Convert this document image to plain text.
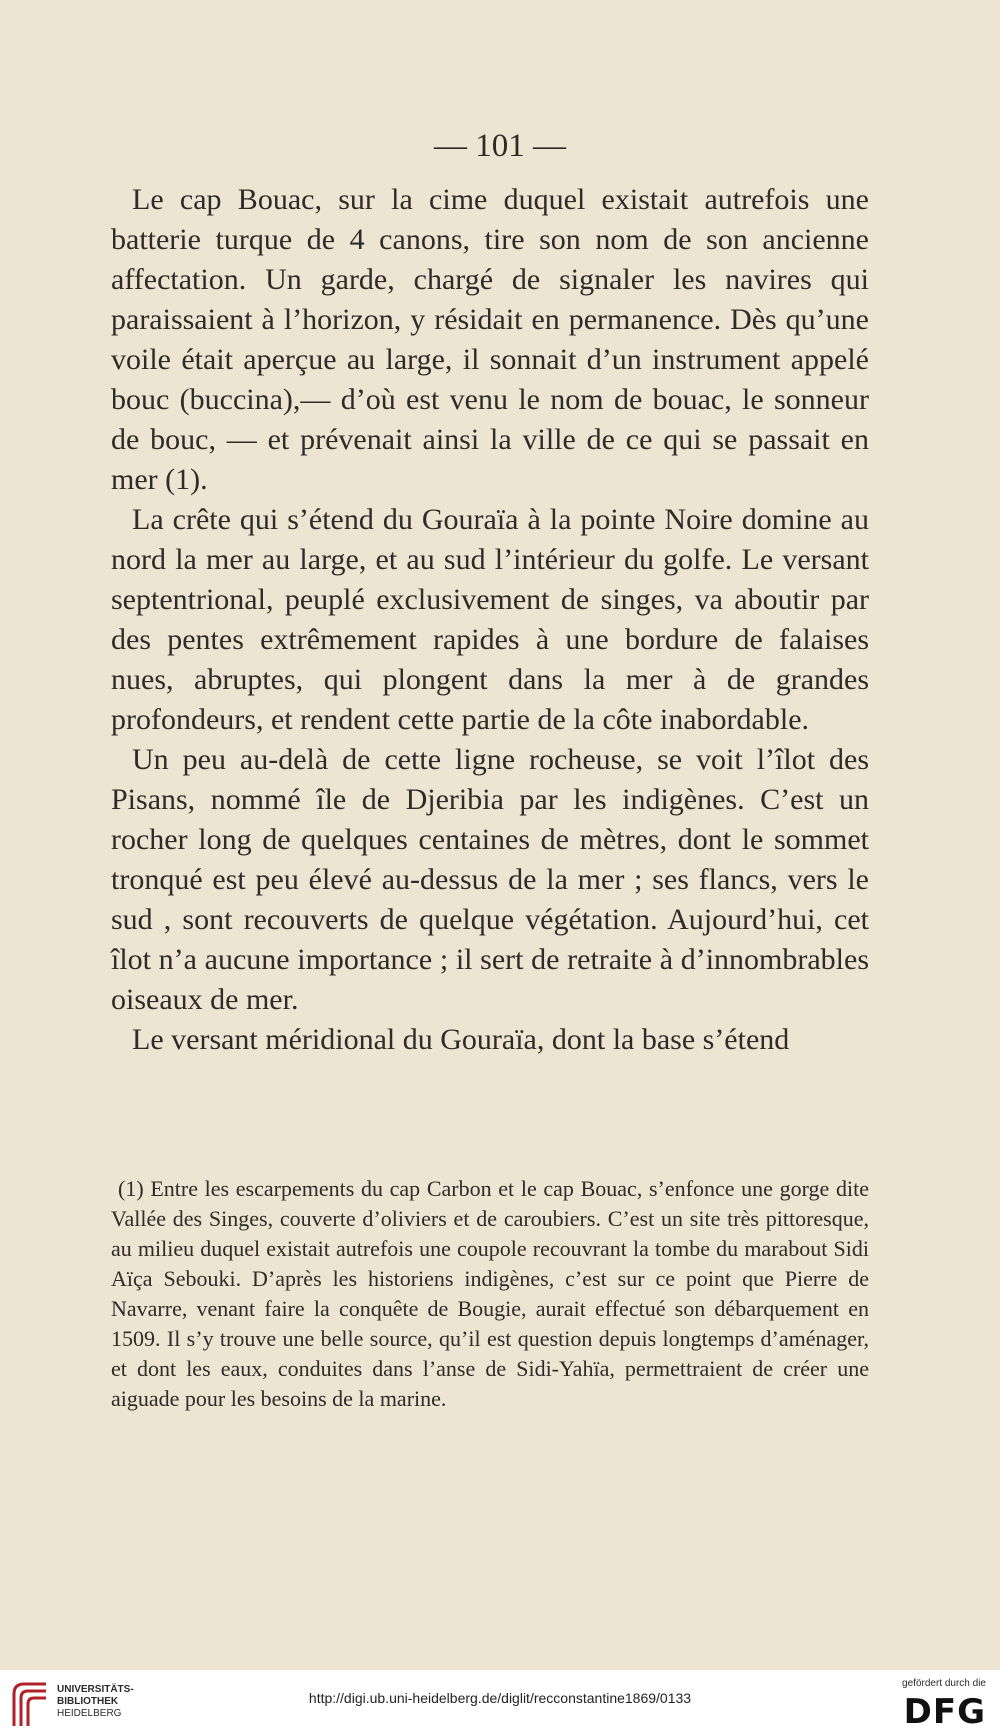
— 101 —

Le cap Bouac, sur la cime duquel existait autrefois une batterie turque de 4 canons, tire son nom de son ancienne affectation. Un garde, chargé de signaler les navires qui paraissaient à l’horizon, y résidait en permanence. Dès qu’une voile était aperçue au large, il sonnait d’un instrument appelé bouc (buccina),— d’où est venu le nom de bouac, le sonneur de bouc, — et prévenait ainsi la ville de ce qui se passait en mer (1).

La crête qui s’étend du Gouraïa à la pointe Noire domine au nord la mer au large, et au sud l’intérieur du golfe. Le versant septentrional, peuplé exclusivement de singes, va aboutir par des pentes extrêmement rapides à une bordure de falaises nues, abruptes, qui plongent dans la mer à de grandes profondeurs, et rendent cette partie de la côte inabordable.

Un peu au-delà de cette ligne rocheuse, se voit l’îlot des Pisans, nommé île de Djeribia par les indigènes. C’est un rocher long de quelques centaines de mètres, dont le sommet tronqué est peu élevé au-dessus de la mer ; ses flancs, vers le sud , sont recouverts de quelque végétation. Aujourd’hui, cet îlot n’a aucune importance ; il sert de retraite à d’innombrables oiseaux de mer.

Le versant méridional du Gouraïa, dont la base s’étend

(1) Entre les escarpements du cap Carbon et le cap Bouac, s’enfonce une gorge dite Vallée des Singes, couverte d’oliviers et de caroubiers. C’est un site très pittoresque, au milieu duquel existait autrefois une coupole recouvrant la tombe du marabout Sidi Aïça Sebouki. D’après les historiens indigènes, c’est sur ce point que Pierre de Navarre, venant faire la conquête de Bougie, aurait effectué son débarquement en 1509. Il s’y trouve une belle source, qu’il est question depuis longtemps d’aménager, et dont les eaux, conduites dans l’anse de Sidi-Yahïa, permettraient de créer une aiguade pour les besoins de la marine.

UNIVERSITÄTS-
BIBLIOTHEK
HEIDELBERG
http://digi.ub.uni-heidelberg.de/diglit/recconstantine1869/0133
gefördert durch die
DFG
